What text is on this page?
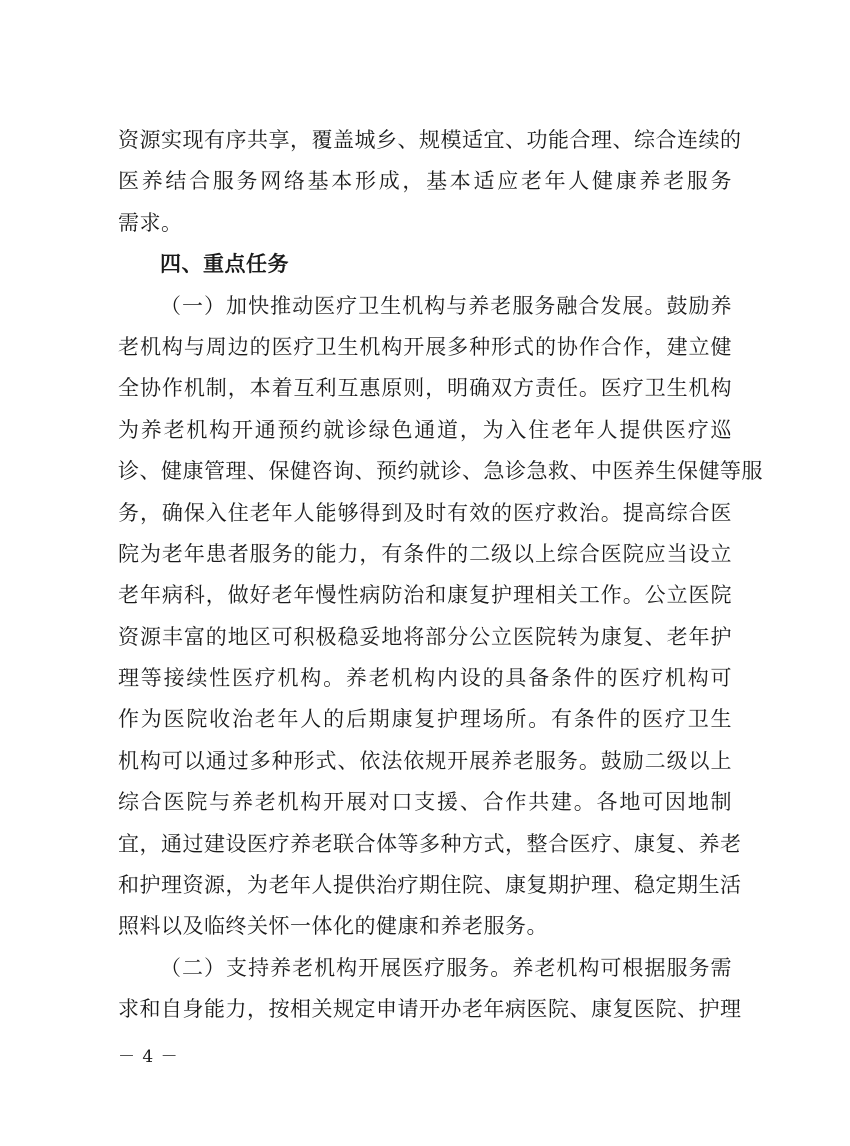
资源实现有序共享，覆盖城乡、规模适宜、功能合理、综合连续的
医养结合服务网络基本形成，基本适应老年人健康养老服务
需求。
四、重点任务
（一）加快推动医疗卫生机构与养老服务融合发展。鼓励养
老机构与周边的医疗卫生机构开展多种形式的协作合作，建立健
全协作机制，本着互利互惠原则，明确双方责任。医疗卫生机构
为养老机构开通预约就诊绿色通道，为入住老年人提供医疗巡
诊、健康管理、保健咨询、预约就诊、急诊急救、中医养生保健等服
务，确保入住老年人能够得到及时有效的医疗救治。提高综合医
院为老年患者服务的能力，有条件的二级以上综合医院应当设立
老年病科，做好老年慢性病防治和康复护理相关工作。公立医院
资源丰富的地区可积极稳妥地将部分公立医院转为康复、老年护
理等接续性医疗机构。养老机构内设的具备条件的医疗机构可
作为医院收治老年人的后期康复护理场所。有条件的医疗卫生
机构可以通过多种形式、依法依规开展养老服务。鼓励二级以上
综合医院与养老机构开展对口支援、合作共建。各地可因地制
宜，通过建设医疗养老联合体等多种方式，整合医疗、康复、养老
和护理资源，为老年人提供治疗期住院、康复期护理、稳定期生活
照料以及临终关怀一体化的健康和养老服务。
（二）支持养老机构开展医疗服务。养老机构可根据服务需
求和自身能力，按相关规定申请开办老年病医院、康复医院、护理
－ 4 －
